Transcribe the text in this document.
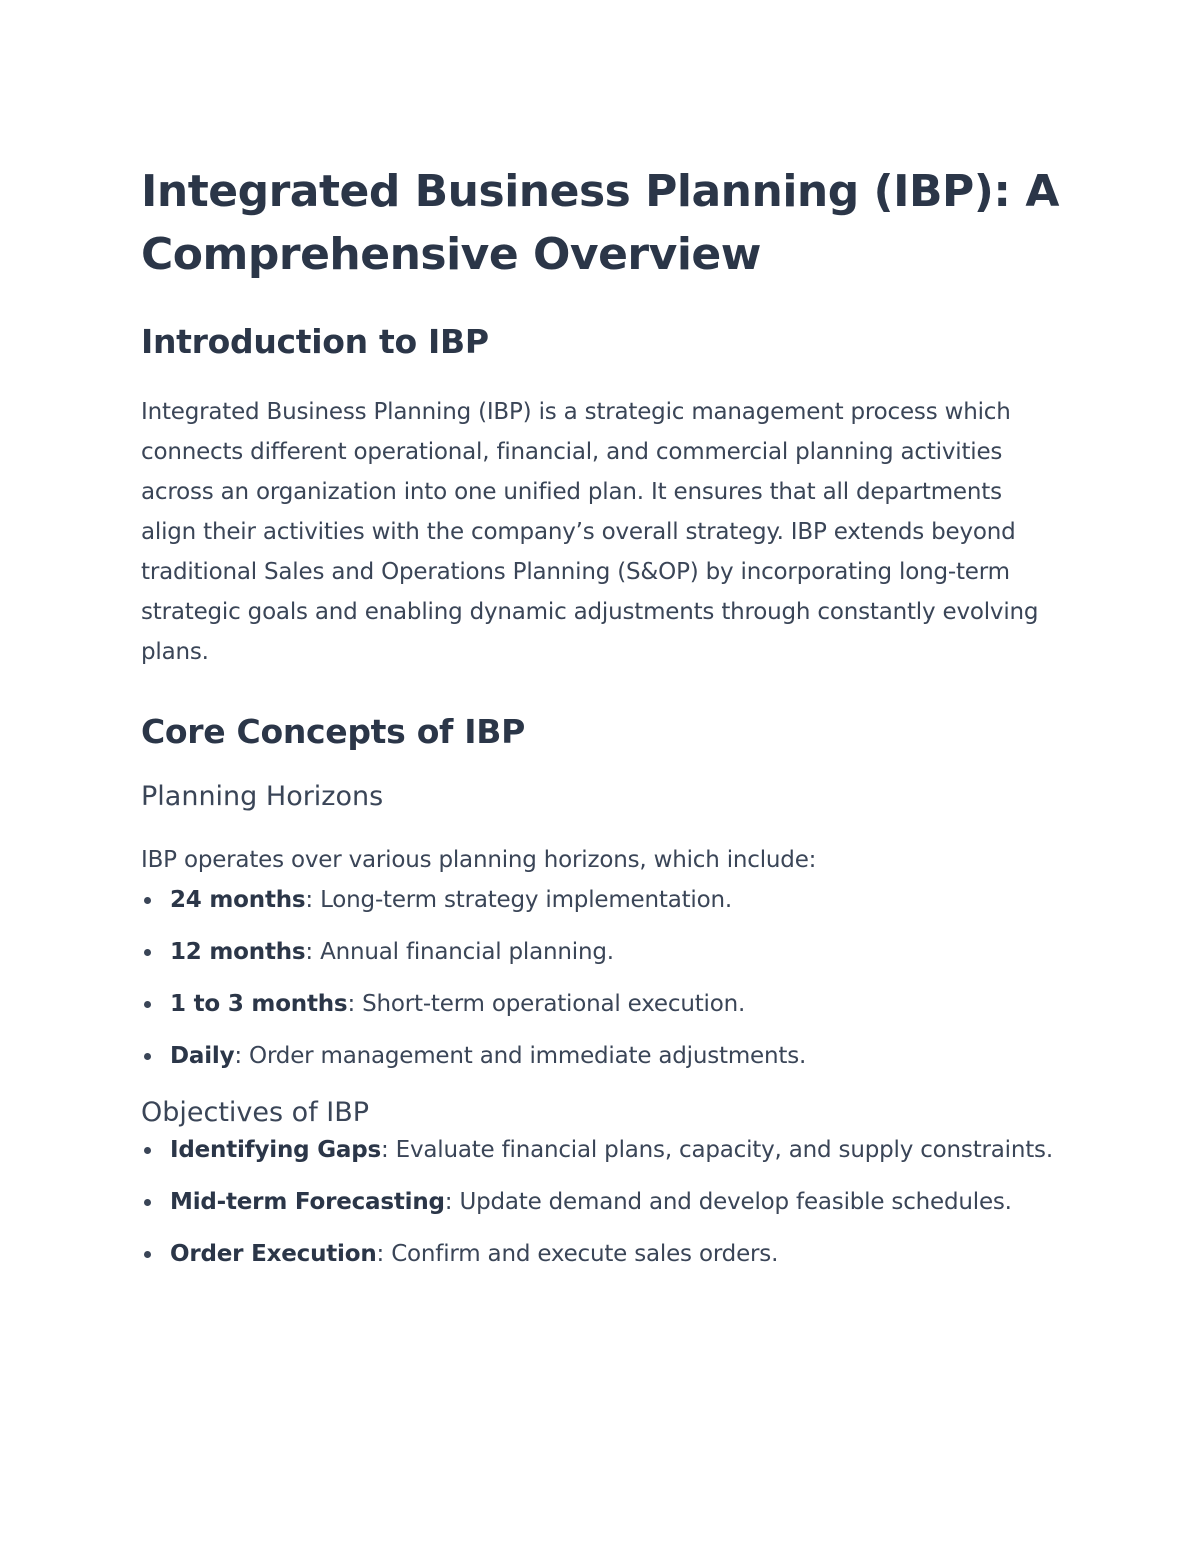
Integrated Business Planning (IBP): A Comprehensive Overview
Introduction to IBP

Integrated Business Planning (IBP) is a strategic management process which connects different operational, financial, and commercial planning activities across an organization into one unified plan. It ensures that all departments align their activities with the company’s overall strategy. IBP extends beyond traditional Sales and Operations Planning (S&OP) by incorporating long-term strategic goals and enabling dynamic adjustments through constantly evolving plans.

Core Concepts of IBP
Planning Horizons

IBP operates over various planning horizons, which include:

24 months: Long-term strategy implementation.
12 months: Annual financial planning.
1 to 3 months: Short-term operational execution.
Daily: Order management and immediate adjustments.
Objectives of IBP
Identifying Gaps: Evaluate financial plans, capacity, and supply constraints.
Mid-term Forecasting: Update demand and develop feasible schedules.
Order Execution: Confirm and execute sales orders.
